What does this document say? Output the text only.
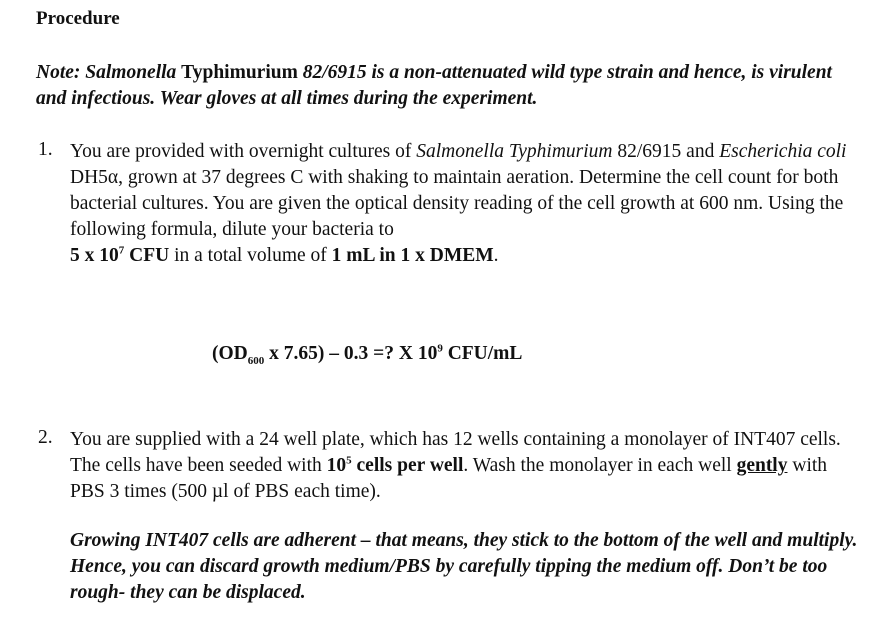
Procedure
Note: Salmonella Typhimurium 82/6915 is a non-attenuated wild type strain and hence, is virulent and infectious. Wear gloves at all times during the experiment.
1. You are provided with overnight cultures of Salmonella Typhimurium 82/6915 and Escherichia coli DH5α, grown at 37 degrees C with shaking to maintain aeration. Determine the cell count for both bacterial cultures. You are given the optical density reading of the cell growth at 600 nm. Using the following formula, dilute your bacteria to
5 x $10^7$ CFU in a total volume of 1 mL in 1 x DMEM.
($OD_{600}$ x 7.65) – 0.3 =? X $10^9$ CFU/mL
2. You are supplied with a 24 well plate, which has 12 wells containing a monolayer of INT407 cells. The cells have been seeded with $10^5$ cells per well. Wash the monolayer in each well gently with PBS 3 times (500 µl of PBS each time).
Growing INT407 cells are adherent – that means, they stick to the bottom of the well and multiply. Hence, you can discard growth medium/PBS by carefully tipping the medium off. Don’t be too rough- they can be displaced.
